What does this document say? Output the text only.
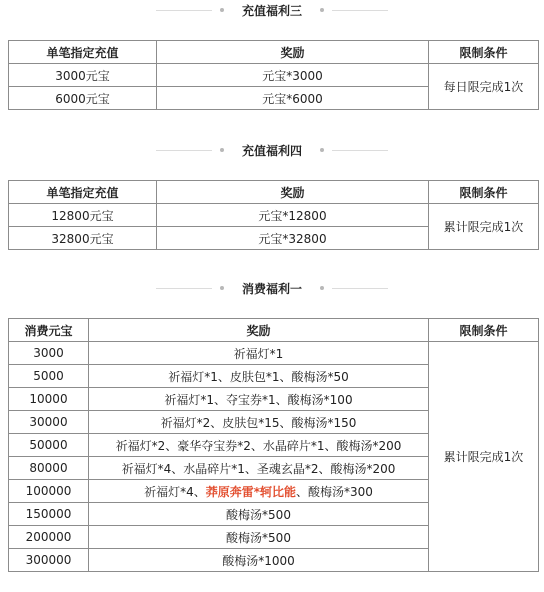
充值福利三
单笔指定充值	奖励	限制条件
3000元宝	元宝*3000	每日限完成1次
6000元宝	元宝*6000	
充值福利四
单笔指定充值	奖励	限制条件
12800元宝	元宝*12800	累计限完成1次
32800元宝	元宝*32800	
消费福利一
消费元宝	奖励	限制条件
3000	祈福灯*1	累计限完成1次
5000	祈福灯*1、皮肤包*1、酸梅汤*50	
10000	祈福灯*1、夺宝券*1、酸梅汤*100	
30000	祈福灯*2、皮肤包*15、酸梅汤*150	
50000	祈福灯*2、豪华夺宝券*2、水晶碎片*1、酸梅汤*200	
80000	祈福灯*4、水晶碎片*1、圣魂玄晶*2、酸梅汤*200	
100000	祈福灯*4、莽原奔雷*轲比能、酸梅汤*300	
150000	酸梅汤*500	
200000	酸梅汤*500	
300000	酸梅汤*1000	
